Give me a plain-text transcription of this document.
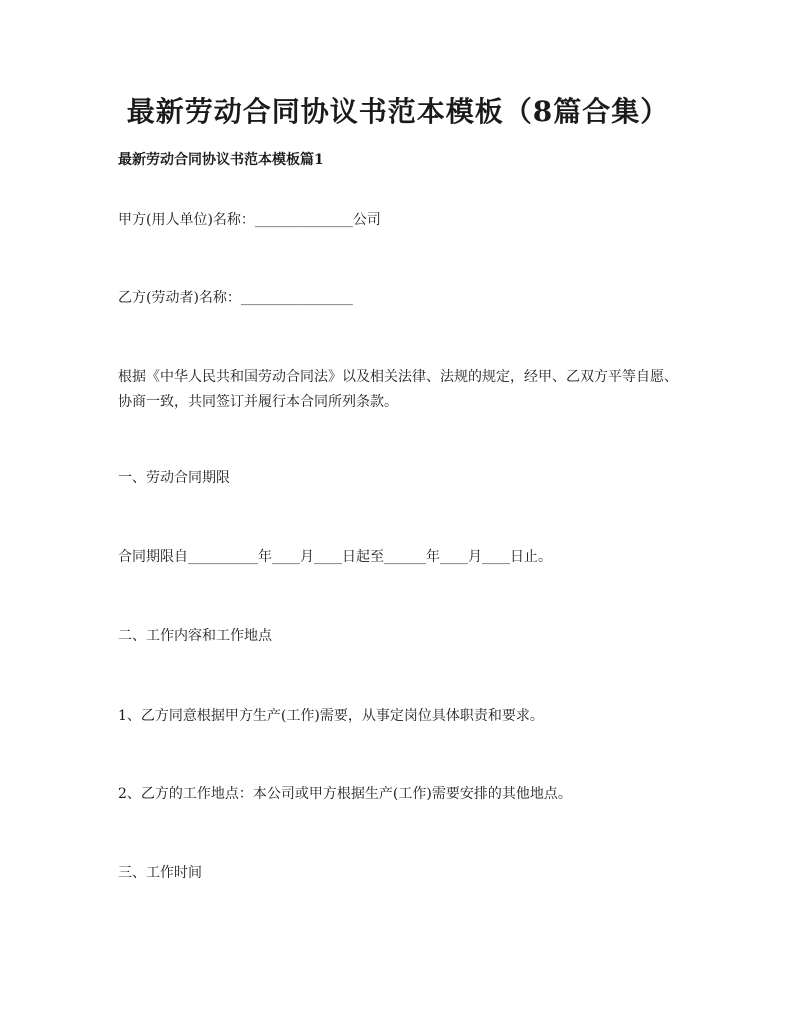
最新劳动合同协议书范本模板（8篇合集）
最新劳动合同协议书范本模板篇1

甲方(用人单位)名称：______________公司

乙方(劳动者)名称：________________

根据《中华人民共和国劳动合同法》以及相关法律、法规的规定，经甲、乙双方平等自愿、协商一致，共同签订并履行本合同所列条款。

一、劳动合同期限

合同期限自__________年____月____日起至______年____月____日止。

二、工作内容和工作地点

1、乙方同意根据甲方生产(工作)需要，从事定岗位具体职责和要求。

2、乙方的工作地点：本公司或甲方根据生产(工作)需要安排的其他地点。

三、工作时间
